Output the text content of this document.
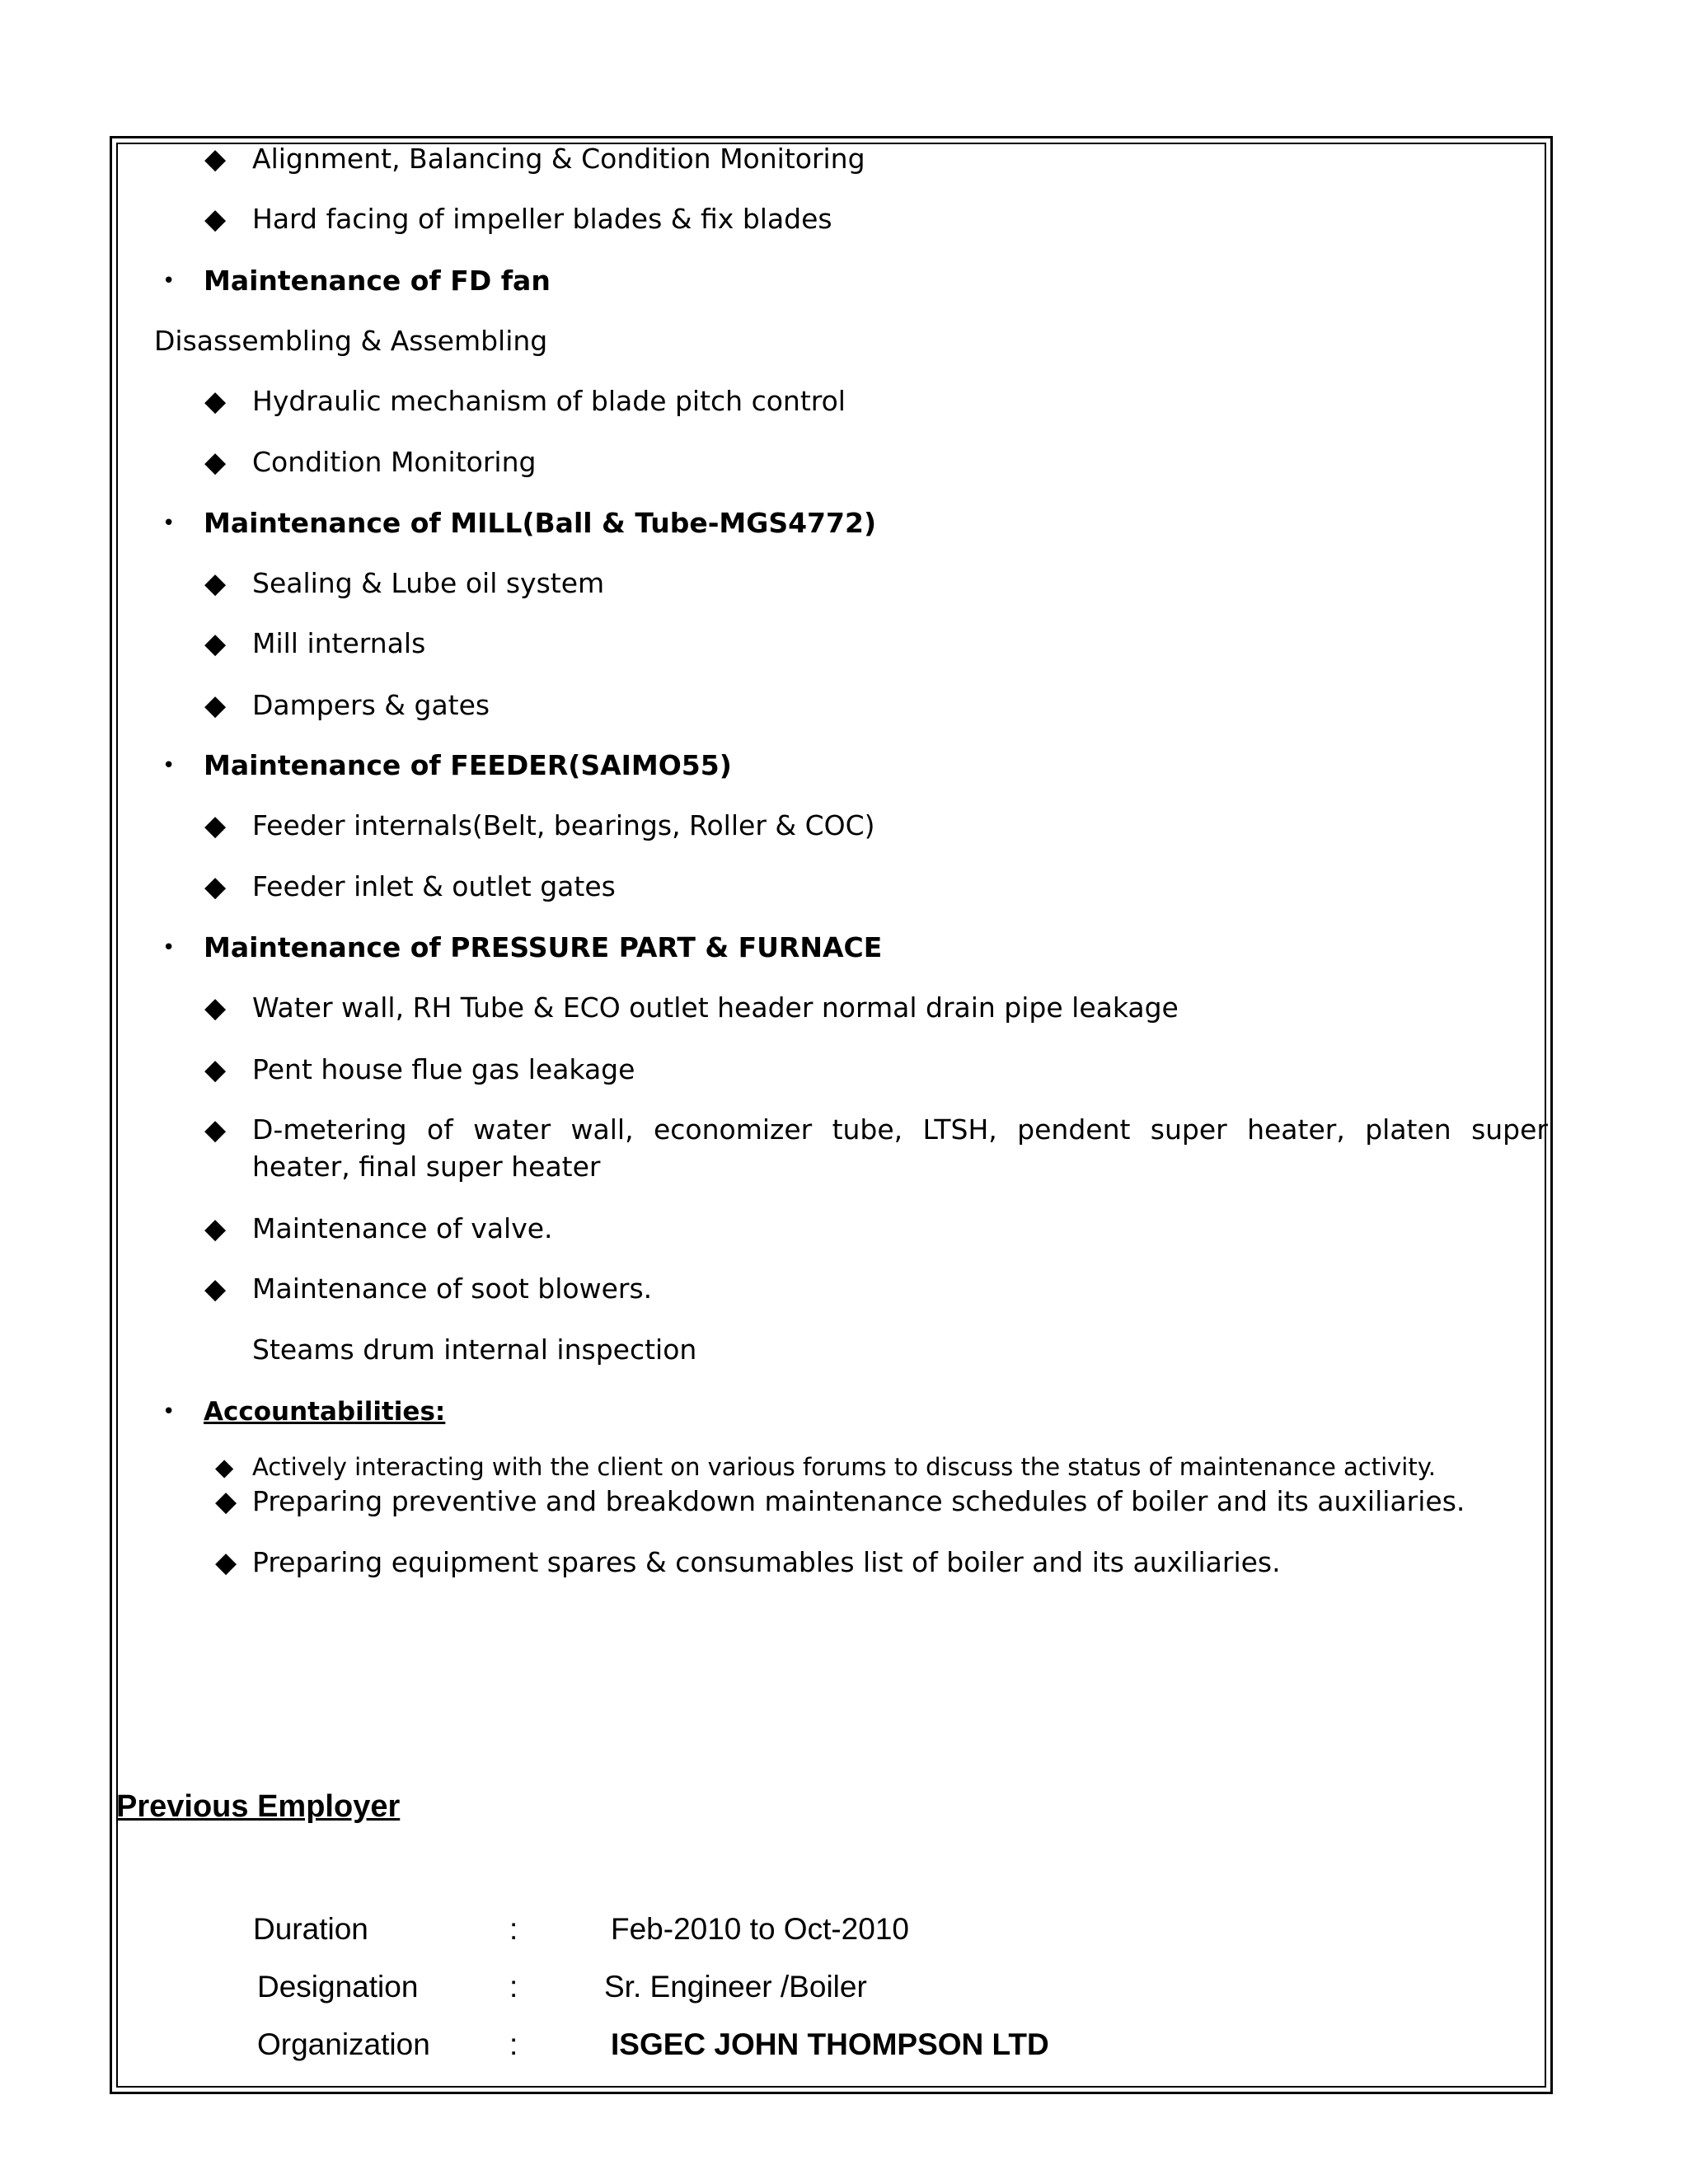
◆ Alignment, Balancing & Condition Monitoring
◆ Hard facing of impeller blades & fix blades
• Maintenance of FD fan
Disassembling & Assembling
◆ Hydraulic mechanism of blade pitch control
◆ Condition Monitoring
• Maintenance of MILL(Ball & Tube-MGS4772)
◆ Sealing & Lube oil system
◆ Mill internals
◆ Dampers & gates
• Maintenance of FEEDER(SAIMO55)
◆ Feeder internals(Belt, bearings, Roller & COC)
◆ Feeder inlet & outlet gates
• Maintenance of PRESSURE PART & FURNACE
◆ Water wall, RH Tube & ECO outlet header normal drain pipe leakage
◆ Pent house flue gas leakage
◆ D-metering of water wall, economizer tube, LTSH, pendent super heater, platen super
heater, final super heater
◆ Maintenance of valve.
◆ Maintenance of soot blowers.
Steams drum internal inspection
• Accountabilities:
◆ Actively interacting with the client on various forums to discuss the status of maintenance activity.
◆ Preparing preventive and breakdown maintenance schedules of boiler and its auxiliaries.
◆ Preparing equipment spares & consumables list of boiler and its auxiliaries.
Previous Employer
Duration	:	Feb-2010 to Oct-2010
Designation	:	Sr. Engineer /Boiler
Organization	:	ISGEC JOHN THOMPSON LTD
